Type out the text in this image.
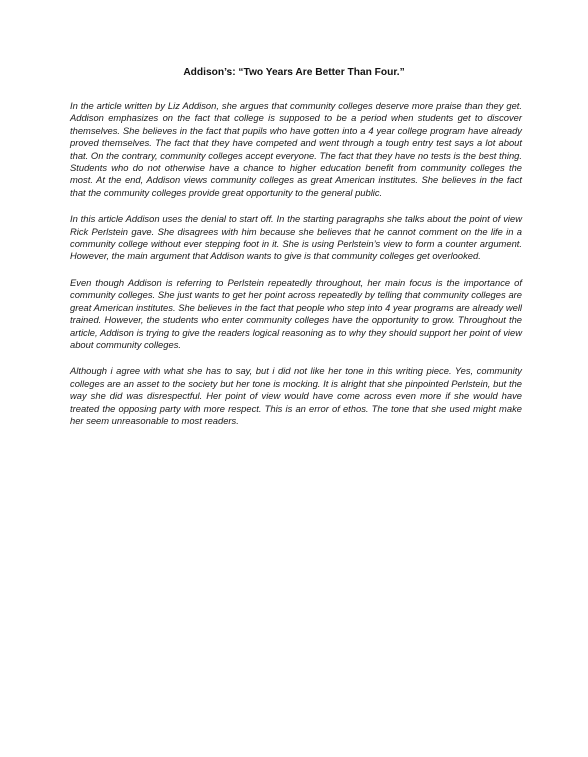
Addison’s: “Two Years Are Better Than Four.”

In the article written by Liz Addison, she argues that community colleges deserve more praise than they get. Addison emphasizes on the fact that college is supposed to be a period when students get to discover themselves. She believes in the fact that pupils who have gotten into a 4 year college program have already proved themselves. The fact that they have competed and went through a tough entry test says a lot about that. On the contrary, community colleges accept everyone. The fact that they have no tests is the best thing. Students who do not otherwise have a chance to higher education benefit from community colleges the most. At the end, Addison views community colleges as great American institutes. She believes in the fact that the community colleges provide great opportunity to the general public.

In this article Addison uses the denial to start off. In the starting paragraphs she talks about the point of view Rick Perlstein gave. She disagrees with him because she believes that he cannot comment on the life in a community college without ever stepping foot in it. She is using Perlstein’s view to form a counter argument. However, the main argument that Addison wants to give is that community colleges get overlooked.

Even though Addison is referring to Perlstein repeatedly throughout, her main focus is the importance of community colleges. She just wants to get her point across repeatedly by telling that community colleges are great American institutes. She believes in the fact that people who step into 4 year programs are already well trained. However, the students who enter community colleges have the opportunity to grow. Throughout the article, Addison is trying to give the readers logical reasoning as to why they should support her point of view about community colleges.

Although i agree with what she has to say, but i did not like her tone in this writing piece. Yes, community colleges are an asset to the society but her tone is mocking. It is alright that she pinpointed Perlstein, but the way she did was disrespectful. Her point of view would have come across even more if she would have treated the opposing party with more respect. This is an error of ethos. The tone that she used might make her seem unreasonable to most readers.
